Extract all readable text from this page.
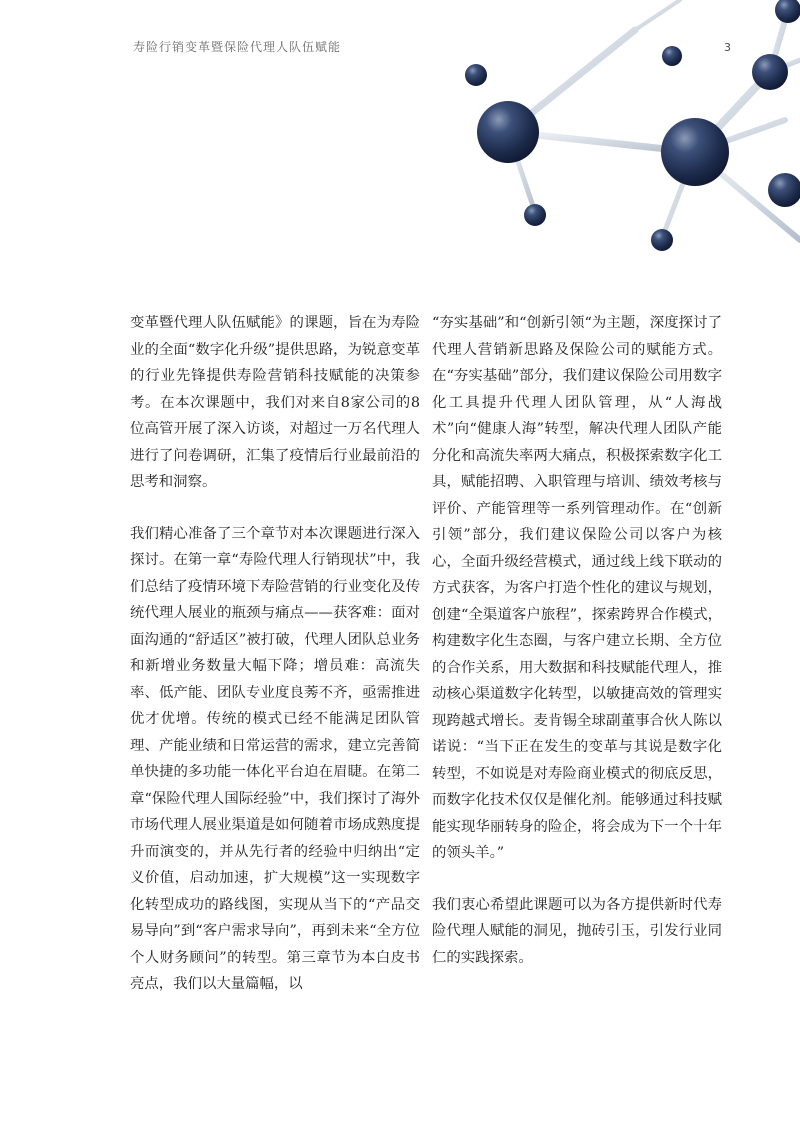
寿险行销变革暨保险代理人队伍赋能	3

变革暨代理人队伍赋能》的课题，旨在为寿险业的全面“数字化升级”提供思路，为锐意变革的行业先锋提供寿险营销科技赋能的决策参考。在本次课题中，我们对来自8家公司的8位高管开展了深入访谈，对超过一万名代理人进行了问卷调研，汇集了疫情后行业最前沿的思考和洞察。

我们精心准备了三个章节对本次课题进行深入探讨。在第一章“寿险代理人行销现状”中，我们总结了疫情环境下寿险营销的行业变化及传统代理人展业的瓶颈与痛点——获客难：面对面沟通的“舒适区”被打破，代理人团队总业务和新增业务数量大幅下降；增员难：高流失率、低产能、团队专业度良莠不齐，亟需推进优才优增。传统的模式已经不能满足团队管理、产能业绩和日常运营的需求，建立完善简单快捷的多功能一体化平台迫在眉睫。在第二章“保险代理人国际经验”中，我们探讨了海外市场代理人展业渠道是如何随着市场成熟度提升而演变的，并从先行者的经验中归纳出“定义价值，启动加速，扩大规模”这一实现数字化转型成功的路线图，实现从当下的“产品交易导向”到“客户需求导向”，再到未来“全方位个人财务顾问”的转型。第三章节为本白皮书亮点，我们以大量篇幅，以

“夯实基础”和“创新引领“为主题，深度探讨了代理人营销新思路及保险公司的赋能方式。在“夯实基础”部分，我们建议保险公司用数字化工具提升代理人团队管理，从“人海战术”向“健康人海”转型，解决代理人团队产能分化和高流失率两大痛点，积极探索数字化工具，赋能招聘、入职管理与培训、绩效考核与评价、产能管理等一系列管理动作。在“创新引领”部分，我们建议保险公司以客户为核心，全面升级经营模式，通过线上线下联动的方式获客，为客户打造个性化的建议与规划，创建“全渠道客户旅程”，探索跨界合作模式，构建数字化生态圈，与客户建立长期、全方位的合作关系，用大数据和科技赋能代理人，推动核心渠道数字化转型，以敏捷高效的管理实现跨越式增长。麦肯锡全球副董事合伙人陈以诺说：“当下正在发生的变革与其说是数字化转型，不如说是对寿险商业模式的彻底反思，而数字化技术仅仅是催化剂。能够通过科技赋能实现华丽转身的险企，将会成为下一个十年的领头羊。”

我们衷心希望此课题可以为各方提供新时代寿险代理人赋能的洞见，抛砖引玉，引发行业同仁的实践探索。
